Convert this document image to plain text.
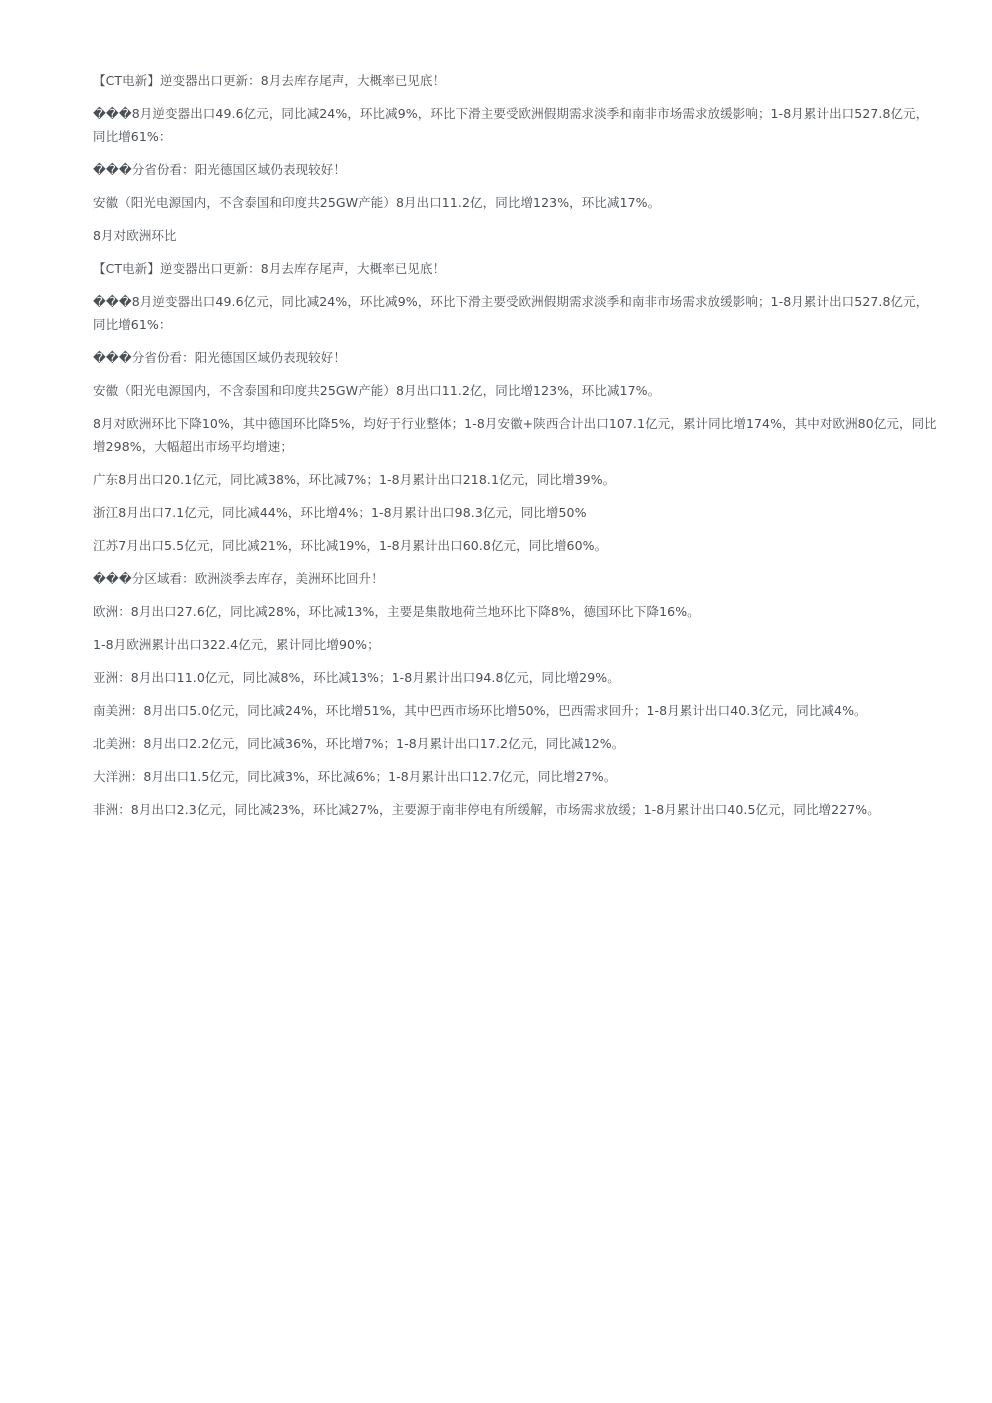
【CT电新】逆变器出口更新：8月去库存尾声，大概率已见底！

���8月逆变器出口49.6亿元，同比减24%，环比减9%，环比下滑主要受欧洲假期需求淡季和南非市场需求放缓影响；1-8月累计出口527.8亿元，同比增61%：

���分省份看：阳光德国区域仍表现较好！

安徽（阳光电源国内，不含泰国和印度共25GW产能）8月出口11.2亿，同比增123%，环比减17%。

8月对欧洲环比

【CT电新】逆变器出口更新：8月去库存尾声，大概率已见底！

���8月逆变器出口49.6亿元，同比减24%，环比减9%，环比下滑主要受欧洲假期需求淡季和南非市场需求放缓影响；1-8月累计出口527.8亿元，同比增61%：

���分省份看：阳光德国区域仍表现较好！

安徽（阳光电源国内，不含泰国和印度共25GW产能）8月出口11.2亿，同比增123%，环比减17%。

8月对欧洲环比下降10%，其中德国环比降5%，均好于行业整体；1-8月安徽+陕西合计出口107.1亿元，累计同比增174%，其中对欧洲80亿元，同比增298%，大幅超出市场平均增速；

广东8月出口20.1亿元，同比减38%，环比减7%；1-8月累计出口218.1亿元，同比增39%。

浙江8月出口7.1亿元，同比减44%，环比增4%；1-8月累计出口98.3亿元，同比增50%

江苏7月出口5.5亿元，同比减21%，环比减19%，1-8月累计出口60.8亿元，同比增60%。

���分区域看：欧洲淡季去库存，美洲环比回升！

欧洲：8月出口27.6亿，同比减28%，环比减13%，主要是集散地荷兰地环比下降8%，德国环比下降16%。

1-8月欧洲累计出口322.4亿元，累计同比增90%；

亚洲：8月出口11.0亿元，同比减8%，环比减13%；1-8月累计出口94.8亿元，同比增29%。

南美洲：8月出口5.0亿元，同比减24%，环比增51%，其中巴西市场环比增50%，巴西需求回升；1-8月累计出口40.3亿元，同比减4%。

北美洲：8月出口2.2亿元，同比减36%，环比增7%；1-8月累计出口17.2亿元，同比减12%。

大洋洲：8月出口1.5亿元，同比减3%，环比减6%；1-8月累计出口12.7亿元，同比增27%。

非洲：8月出口2.3亿元，同比减23%，环比减27%，主要源于南非停电有所缓解，市场需求放缓；1-8月累计出口40.5亿元，同比增227%。
